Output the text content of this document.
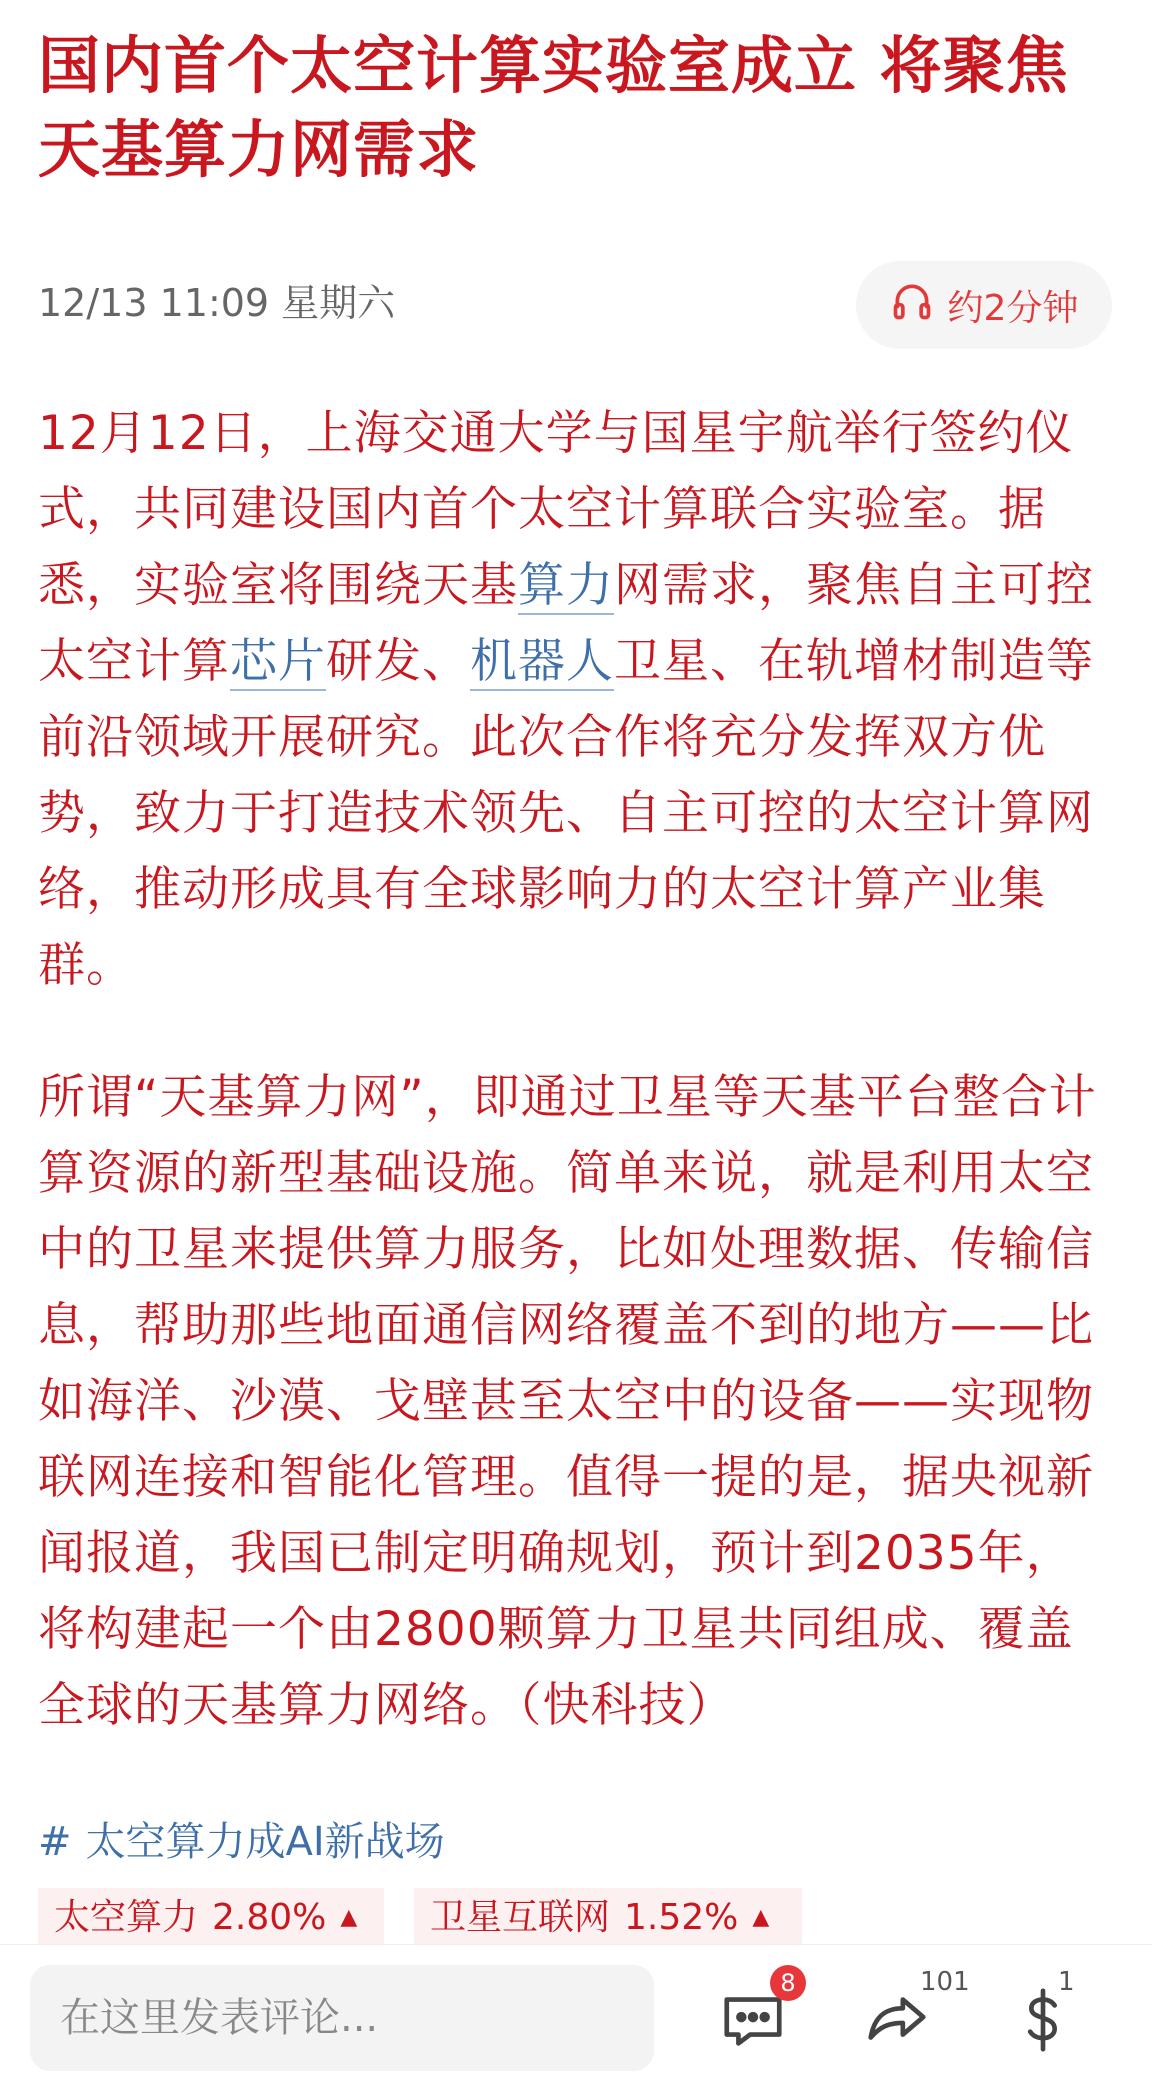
国内首个太空计算实验室成立 将聚焦天基算力网需求
12/13 11:09 星期六	约2分钟
12月12日，上海交通大学与国星宇航举行签约仪式，共同建设国内首个太空计算联合实验室。据悉，实验室将围绕天基算力网需求，聚焦自主可控太空计算芯片研发、机器人卫星、在轨增材制造等前沿领域开展研究。此次合作将充分发挥双方优势，致力于打造技术领先、自主可控的太空计算网络，推动形成具有全球影响力的太空计算产业集群。
所谓“天基算力网”，即通过卫星等天基平台整合计算资源的新型基础设施。简单来说，就是利用太空中的卫星来提供算力服务，比如处理数据、传输信息，帮助那些地面通信网络覆盖不到的地方——比如海洋、沙漠、戈壁甚至太空中的设备——实现物联网连接和智能化管理。值得一提的是，据央视新闻报道，我国已制定明确规划，预计到2035年，将构建起一个由2800颗算力卫星共同组成、覆盖全球的天基算力网络。（快科技）
# 太空算力成AI新战场
太空算力 2.80% ▲ 卫星互联网 1.52% ▲
在这里发表评论...
8	101	1
